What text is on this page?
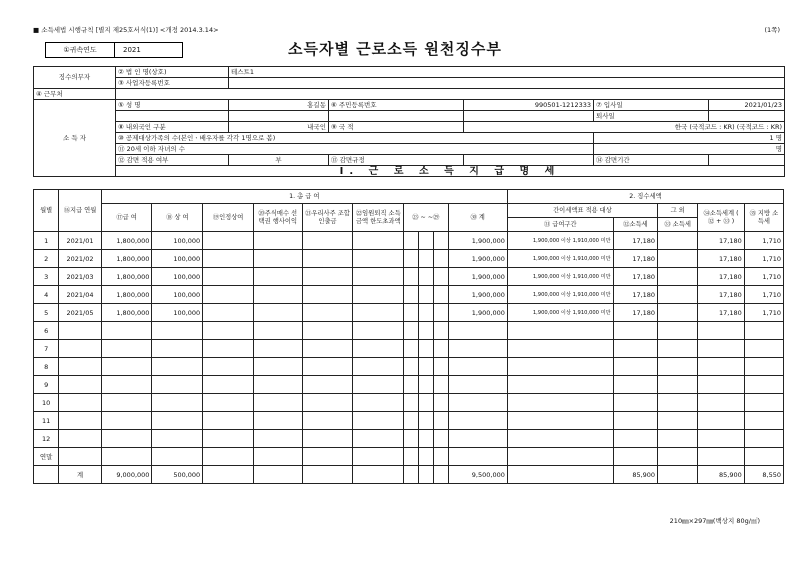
■ 소득세법 시행규칙 [별지 제25호서식(1)] <개정 2014.3.14>	(1쪽)
①귀속연도	2021	소득자별 근로소득 원천징수부
징수의무자	② 법 인 명(상호)	테스트1				
	③ 사업자등록번호					
④ 근무처						
소 득 자	⑤ 성 명	홍길동	⑥ 주민등록번호	990501-1212333	⑦ 입사일	2021/01/23
					퇴사일	
	⑧ 내외국인 구분	내국인	⑨ 국 적	한국 (국적코드 : KR) (국적코드 : KR)		
	⑩ 공제대상가족의 수(본인ㆍ배우자를 각각 1명으로 봄)				1 명	
	⑪ 20세 이하 자녀의 수				명	
	⑫ 감면 적용 여부	부	⑬ 감면규정		⑭ 감면기간	
	Ⅰ. 근 로 소 득 지 급 명 세					
월별	⑯지급 연월	1. 총 급 여										2. 징수세액				
		⑰급 여	⑱ 상 여	⑲인정상여	⑳주식매수 선택권 행사이익	㉑우리사주 조합인출금	㉒임원퇴직 소득금액 한도초과액	㉓ ~ ~㉙			㉚ 계	간이세액표 적용 대상		그 외	㉞소득세계 ( ㉜ + ㉝ )	㉟ 지방 소득세
												㉛ 급여구간	㉜소득세	㉝ 소득세		
1	2021/01	1,800,000	100,000								1,900,000	1,900,000 이상 1,910,000 미만	17,180		17,180	1,710
2	2021/02	1,800,000	100,000								1,900,000	1,900,000 이상 1,910,000 미만	17,180		17,180	1,710
3	2021/03	1,800,000	100,000								1,900,000	1,900,000 이상 1,910,000 미만	17,180		17,180	1,710
4	2021/04	1,800,000	100,000								1,900,000	1,900,000 이상 1,910,000 미만	17,180		17,180	1,710
5	2021/05	1,800,000	100,000								1,900,000	1,900,000 이상 1,910,000 미만	17,180		17,180	1,710
6																
7																
8																
9																
10																
11																
12																
연말																
	계	9,000,000	500,000								9,500,000		85,900		85,900	8,550
210㎜×297㎜(백상지 80g/㎡)
